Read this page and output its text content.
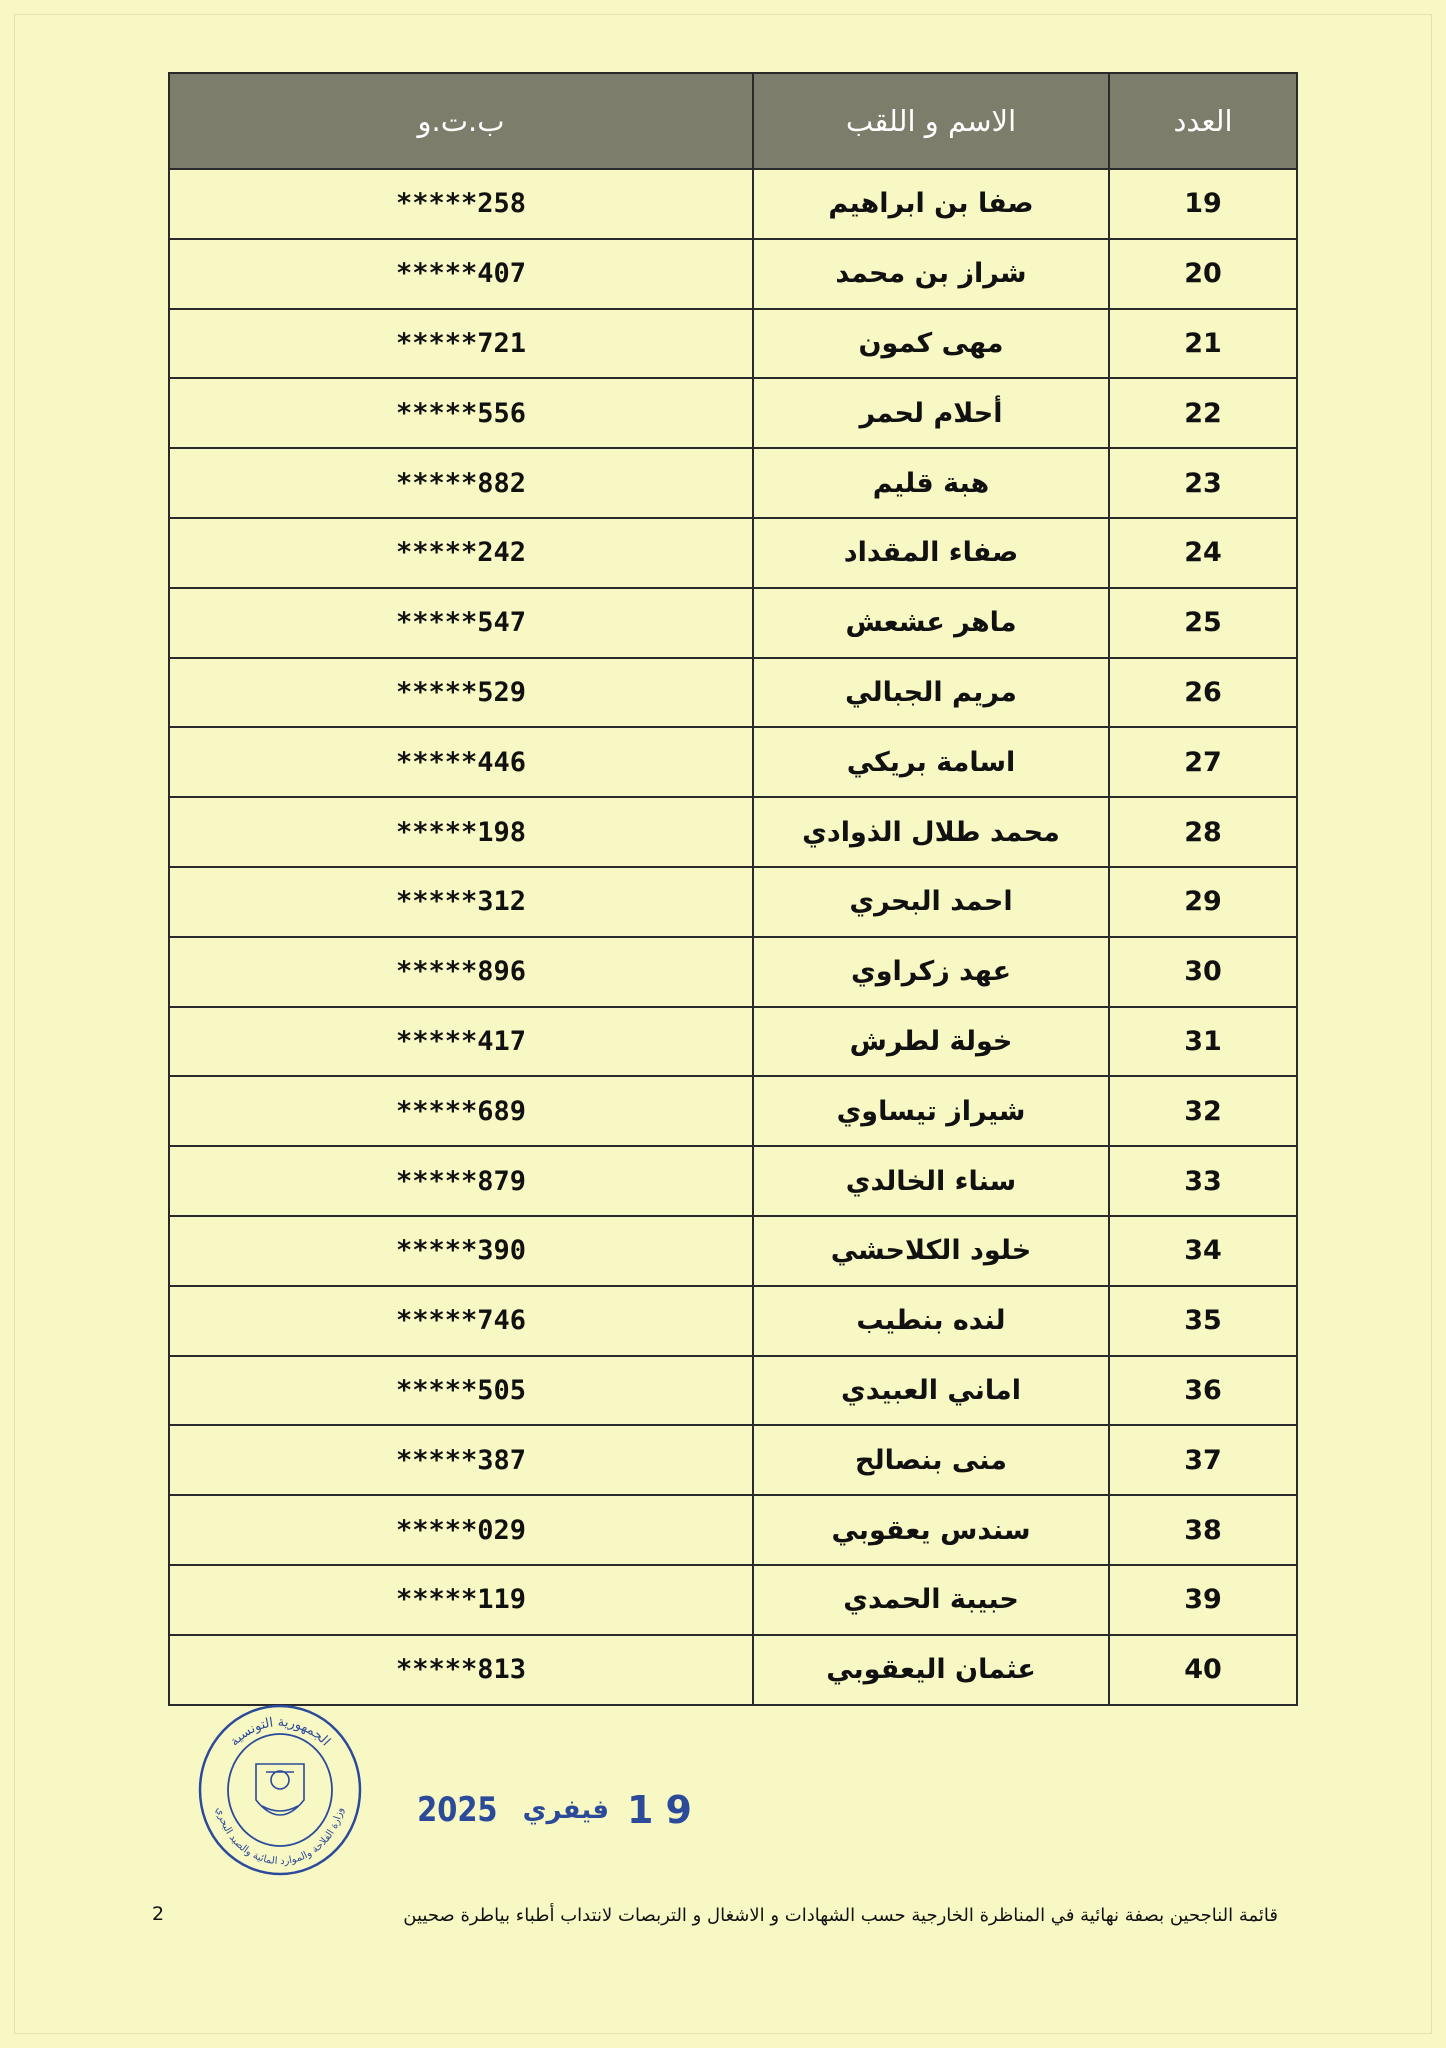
ب.ت.و	الاسم و اللقب	العدد
*****258	صفا بن ابراهيم	19
*****407	شراز بن محمد	20
*****721	مهى كمون	21
*****556	أحلام لحمر	22
*****882	هبة قليم	23
*****242	صفاء المقداد	24
*****547	ماهر عشعش	25
*****529	مريم الجبالي	26
*****446	اسامة بريكي	27
*****198	محمد طلال الذوادي	28
*****312	احمد البحري	29
*****896	عهد زكراوي	30
*****417	خولة لطرش	31
*****689	شيراز تيساوي	32
*****879	سناء الخالدي	33
*****390	خلود الكلاحشي	34
*****746	لنده بنطيب	35
*****505	اماني العبيدي	36
*****387	منى بنصالح	37
*****029	سندس يعقوبي	38
*****119	حبيبة الحمدي	39
*****813	عثمان اليعقوبي	40
الجمهورية التونسية
وزارة الفلاحة والموارد المائية والصيد البحري 2025 فيفري 19
قائمة الناجحين بصفة نهائية في المناظرة الخارجية حسب الشهادات و الاشغال و التربصات لانتداب أطباء بياطرة صحيين
2
